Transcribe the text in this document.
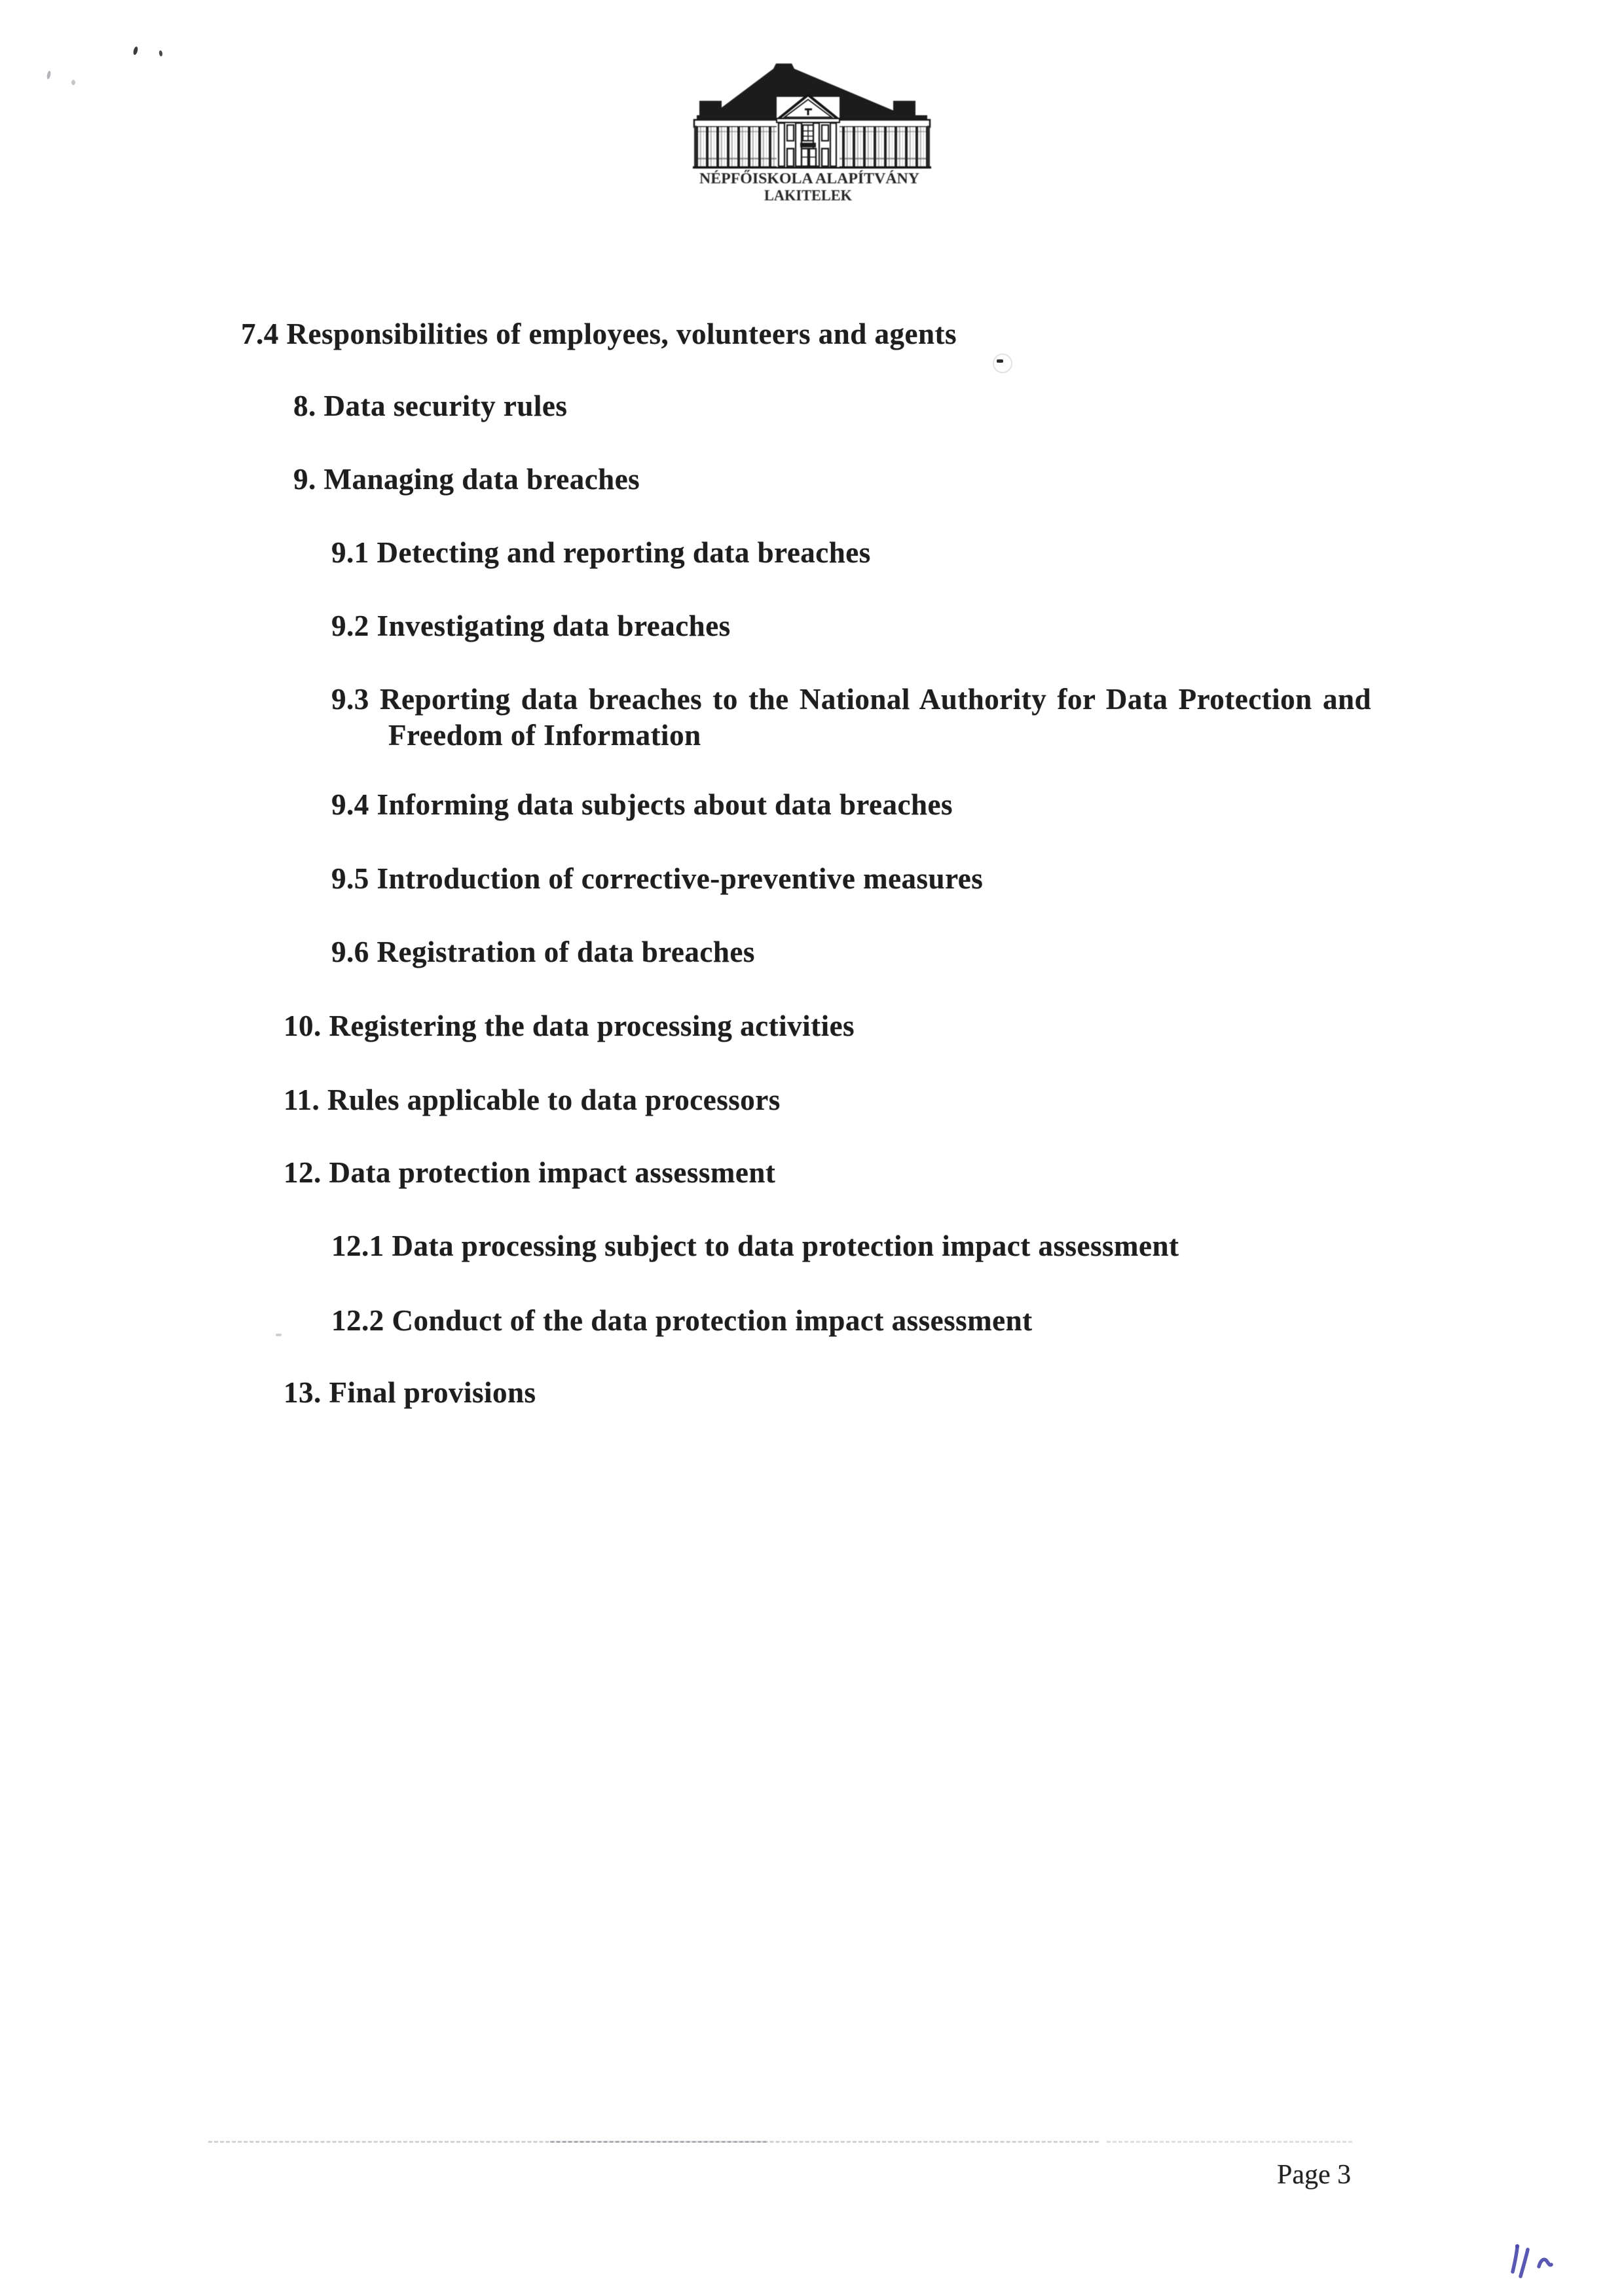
NÉPFŐISKOLA ALAPÍTVÁNY
LAKITELEK
7.4 Responsibilities of employees, volunteers and agents
8. Data security rules
9. Managing data breaches
9.1 Detecting and reporting data breaches
9.2 Investigating data breaches
9.3 Reporting data breaches to the National Authority for Data Protection and
Freedom of Information
9.4 Informing data subjects about data breaches
9.5 Introduction of corrective-preventive measures
9.6 Registration of data breaches
10. Registering the data processing activities
11. Rules applicable to data processors
12. Data protection impact assessment
12.1 Data processing subject to data protection impact assessment
12.2 Conduct of the data protection impact assessment
13. Final provisions
Page 3
